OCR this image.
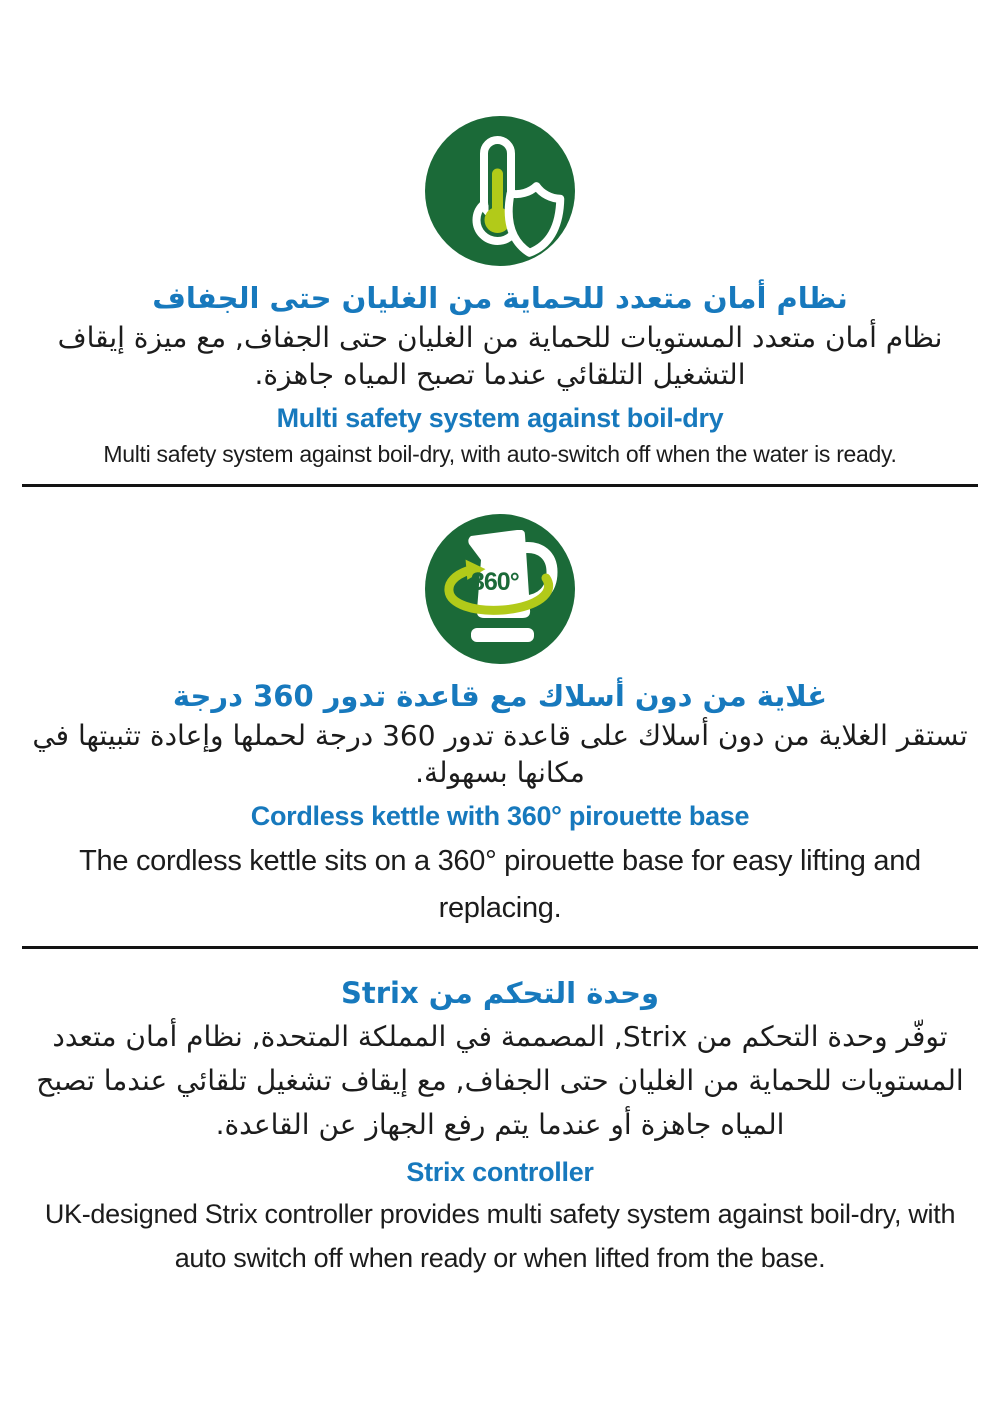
نظام أمان متعدد للحماية من الغليان حتى الجفاف

نظام أمان متعدد المستويات للحماية من الغليان حتى الجفاف, مع ميزة إيقاف التشغيل التلقائي عندما تصبح المياه جاهزة.

Multi safety system against boil-dry

Multi safety system against boil-dry, with auto-switch off when the water is ready.

360°
غلاية من دون أسلاك مع قاعدة تدور 360 درجة

تستقر الغلاية من دون أسلاك على قاعدة تدور 360 درجة لحملها وإعادة تثبيتها في مكانها بسهولة.

Cordless kettle with 360° pirouette base

The cordless kettle sits on a 360° pirouette base for easy lifting and replacing.

وحدة التحكم من Strix

توفّر وحدة التحكم من Strix, المصممة في المملكة المتحدة, نظام أمان متعدد المستويات للحماية من الغليان حتى الجفاف, مع إيقاف تشغيل تلقائي عندما تصبح المياه جاهزة أو عندما يتم رفع الجهاز عن القاعدة.

Strix controller

UK-designed Strix controller provides multi safety system against boil-dry, with auto switch off when ready or when lifted from the base.
